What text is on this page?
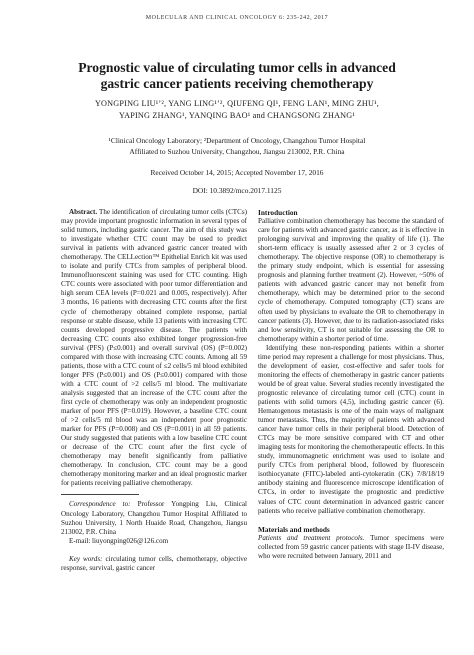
MOLECULAR AND CLINICAL ONCOLOGY 6: 235-242, 2017
Prognostic value of circulating tumor cells in advanced
gastric cancer patients receiving chemotherapy
YONGPING LIU¹ʼ², YANG LING¹ʼ², QIUFENG QI¹, FENG LAN¹, MING ZHU¹,
YAPING ZHANG¹, YANQING BAO¹ and CHANGSONG ZHANG¹
¹Clinical Oncology Laboratory; ²Department of Oncology, Changzhou Tumor Hospital
Affiliated to Suzhou University, Changzhou, Jiangsu 213002, P.R. China
Received October 14, 2015; Accepted November 17, 2016
DOI: 10.3892/mco.2017.1125

Abstract. The identification of circulating tumor cells (CTCs) may provide important prognostic information in several types of solid tumors, including gastric cancer. The aim of this study was to investigate whether CTC count may be used to predict survival in patients with advanced gastric cancer treated with chemotherapy. The CELLection™ Epithelial Enrich kit was used to isolate and purify CTCs from samples of peripheral blood. Immunofluorescent staining was used for CTC counting. High CTC counts were associated with poor tumor differentiation and high serum CEA levels (P=0.021 and 0.005, respectively). After 3 months, 16 patients with decreasing CTC counts after the first cycle of chemotherapy obtained complete response, partial response or stable disease, while 13 patients with increasing CTC counts developed progressive disease. The patients with decreasing CTC counts also exhibited longer progression-free survival (PFS) (P≤0.001) and overall survival (OS) (P=0.002) compared with those with increasing CTC counts. Among all 59 patients, those with a CTC count of ≤2 cells/5 ml blood exhibited longer PFS (P≤0.001) and OS (P≤0.001) compared with those with a CTC count of >2 cells/5 ml blood. The multivariate analysis suggested that an increase of the CTC count after the first cycle of chemotherapy was only an independent prognostic marker of poor PFS (P=0.019). However, a baseline CTC count of >2 cells/5 ml blood was an independent poor prognostic marker for PFS (P=0.008) and OS (P=0.001) in all 59 patients. Our study suggested that patients with a low baseline CTC count or decrease of the CTC count after the first cycle of chemotherapy may benefit significantly from palliative chemotherapy. In conclusion, CTC count may be a good chemotherapy monitoring marker and an ideal prognostic marker for patients receiving palliative chemotherapy.

Correspondence to: Professor Yongping Liu, Clinical Oncology Laboratory, Changzhou Tumor Hospital Affiliated to Suzhou University, 1 North Huaide Road, Changzhou, Jiangsu 213002, P.R. China

E-mail: liuyongping026@126.com

Key words: circulating tumor cells, chemotherapy, objective response, survival, gastric cancer

Introduction

Palliative combination chemotherapy has become the standard of care for patients with advanced gastric cancer, as it is effective in prolonging survival and improving the quality of life (1). The short-term efficacy is usually assessed after 2 or 3 cycles of chemotherapy. The objective response (OR) to chemotherapy is the primary study endpoint, which is essential for assessing prognosis and planning further treatment (2). However, ~50% of patients with advanced gastric cancer may not benefit from chemotherapy, which may be determined prior to the second cycle of chemotherapy. Computed tomography (CT) scans are often used by physicians to evaluate the OR to chemotherapy in cancer patients (3). However, due to its radiation-associated risks and low sensitivity, CT is not suitable for assessing the OR to chemotherapy within a shorter period of time.

Identifying these non-responding patients within a shorter time period may represent a challenge for most physicians. Thus, the development of easier, cost-effective and safer tools for monitoring the effects of chemotherapy in gastric cancer patients would be of great value. Several studies recently investigated the prognostic relevance of circulating tumor cell (CTC) count in patients with solid tumors (4,5), including gastric cancer (6). Hematogenous metastasis is one of the main ways of malignant tumor metastasis. Thus, the majority of patients with advanced cancer have tumor cells in their peripheral blood. Detection of CTCs may be more sensitive compared with CT and other imaging tests for monitoring the chemotherapeutic effects. In this study, immunomagnetic enrichment was used to isolate and purify CTCs from peripheral blood, followed by fluorescein isothiocyanate (FITC)-labeled anti-cytokeratin (CK) 7/8/18/19 antibody staining and fluorescence microscope identification of CTCs, in order to investigate the prognostic and predictive values of CTC count determination in advanced gastric cancer patients who receive palliative combination chemotherapy.

Materials and methods

Patients and treatment protocols. Tumor specimens were collected from 59 gastric cancer patients with stage II-IV disease, who were recruited between January, 2011 and
